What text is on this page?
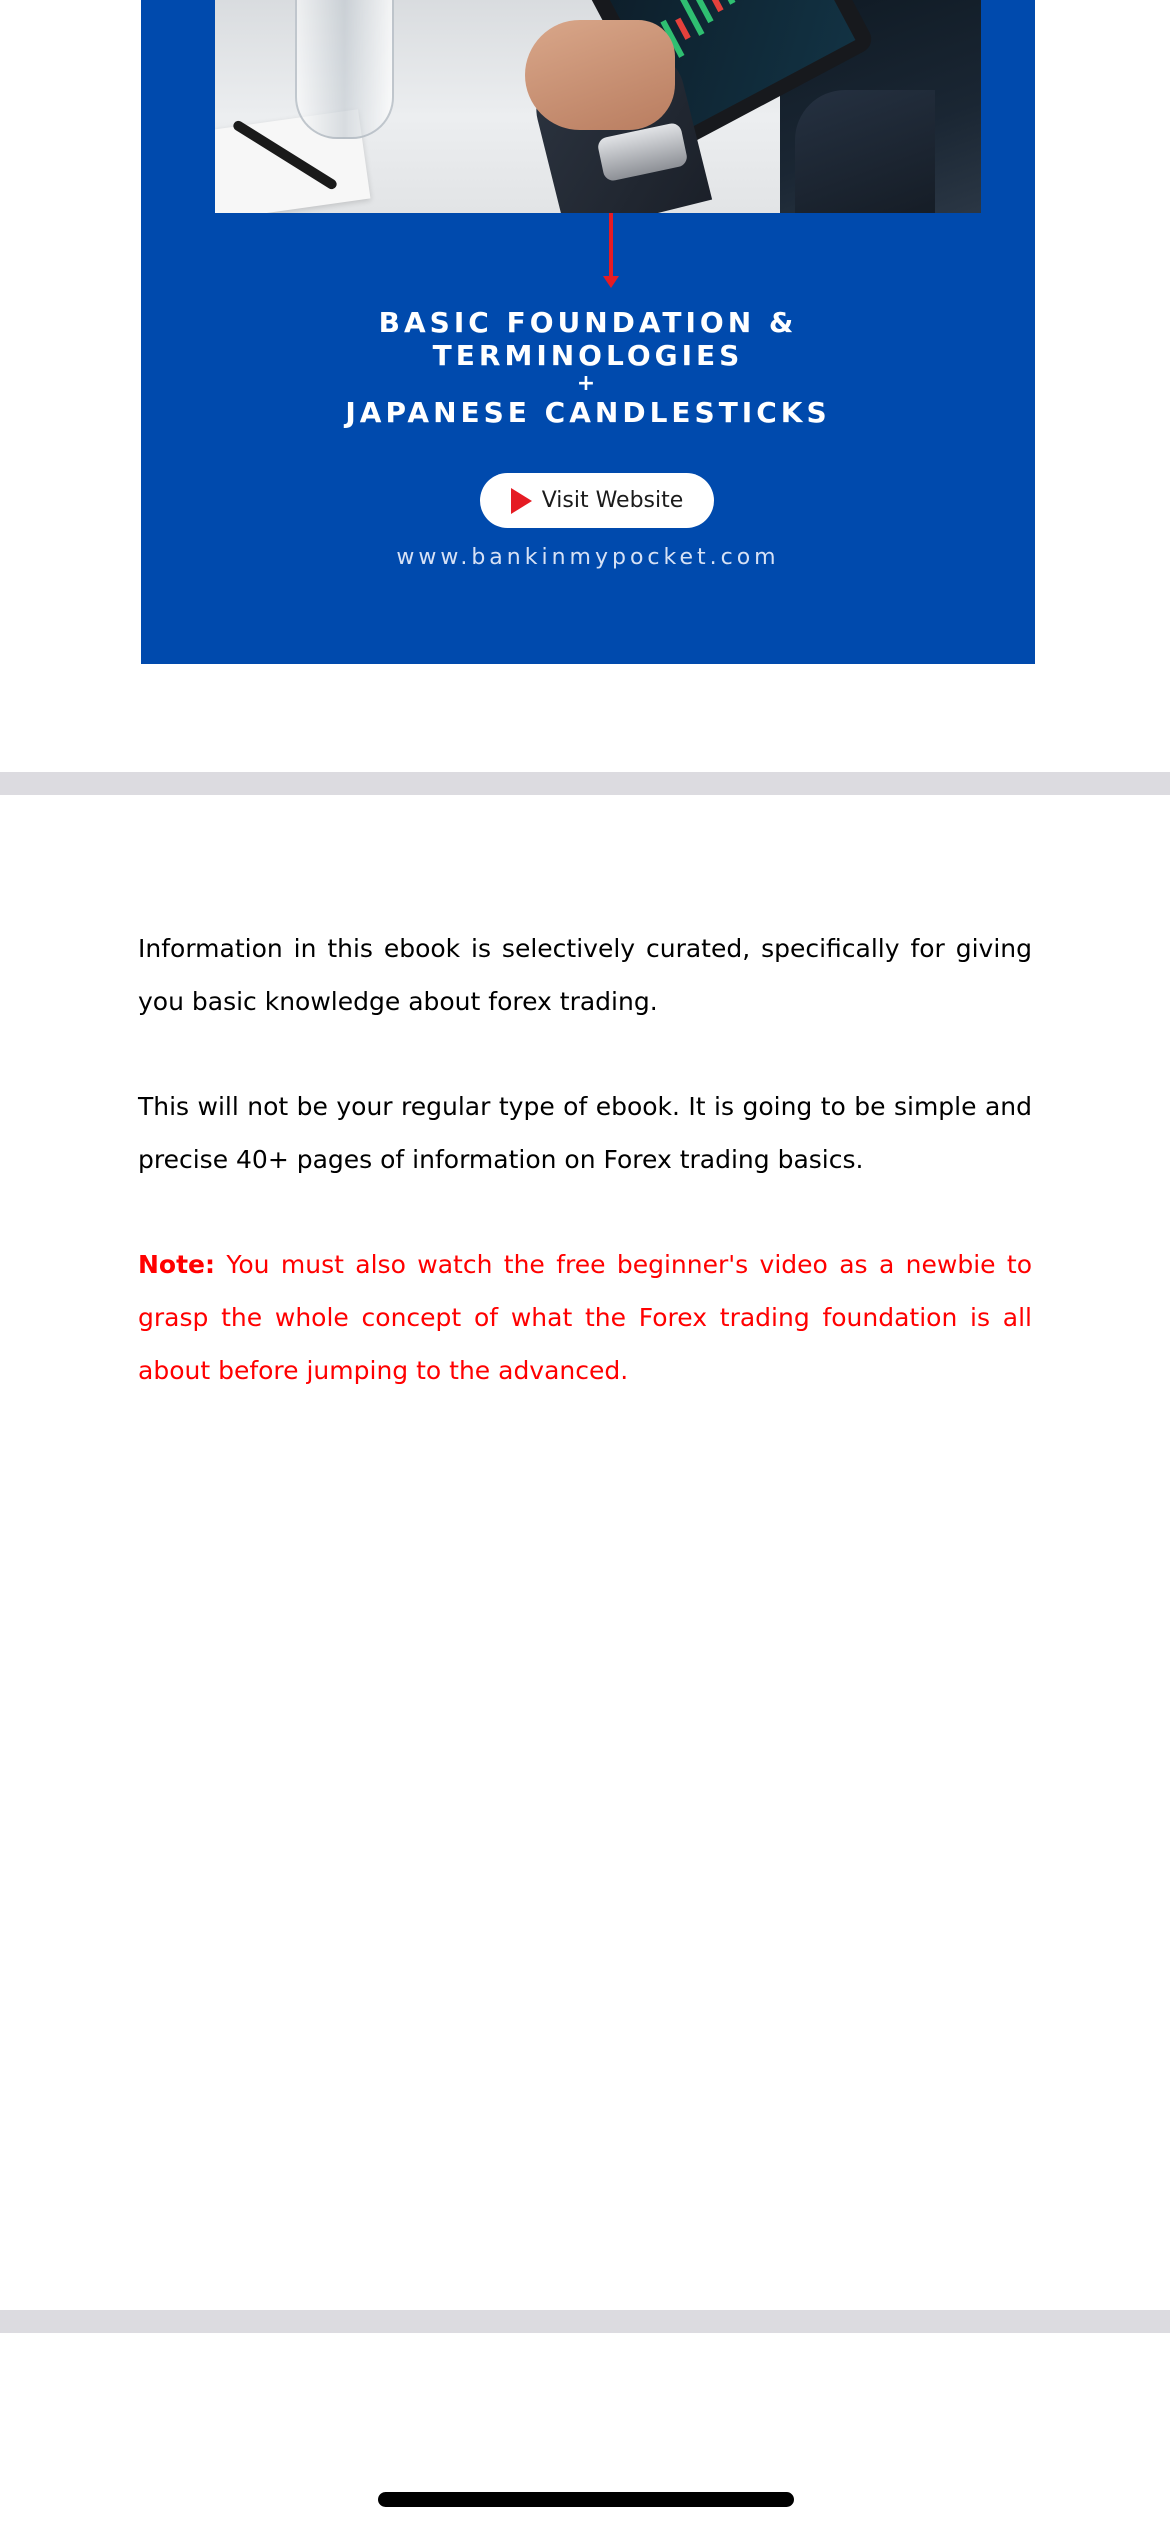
BASIC FOUNDATION &
TERMINOLOGIES
+
JAPANESE CANDLESTICKS
Visit Website
www.bankinmypocket.com

Information in this ebook is selectively curated, specifically for giving you basic knowledge about forex trading.

This will not be your regular type of ebook. It is going to be simple and precise 40+ pages of information on Forex trading basics.

Note: You must also watch the free beginner's video as a newbie to grasp the whole concept of what the Forex trading foundation is all about before jumping to the advanced.
